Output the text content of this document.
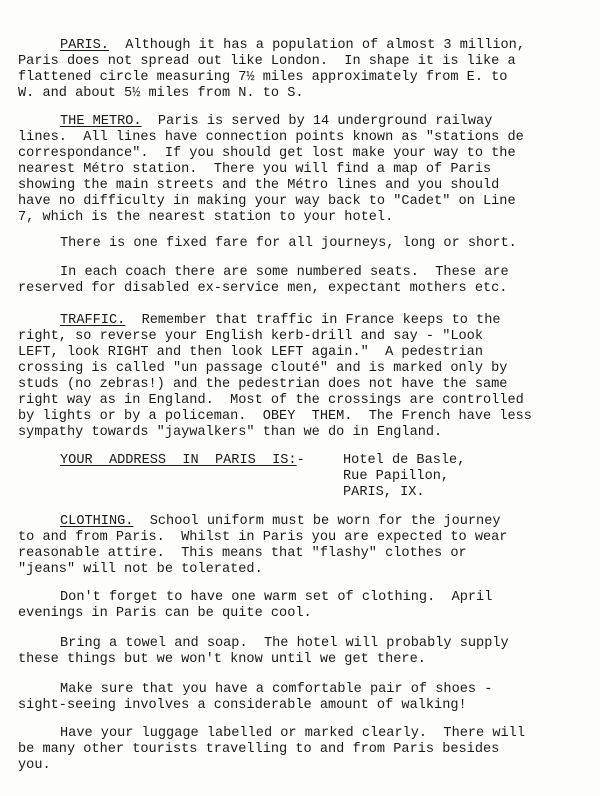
PARIS.  Although it has a population of almost 3 million,
Paris does not spread out like London.  In shape it is like a
flattened circle measuring 7½ miles approximately from E. to
W. and about 5½ miles from N. to S.
THE METRO.  Paris is served by 14 underground railway
lines.  All lines have connection points known as "stations de
correspondance".  If you should get lost make your way to the
nearest Métro station.  There you will find a map of Paris
showing the main streets and the Métro lines and you should
have no difficulty in making your way back to "Cadet" on Line
7, which is the nearest station to your hotel.
There is one fixed fare for all journeys, long or short.
In each coach there are some numbered seats.  These are
reserved for disabled ex-service men, expectant mothers etc.
TRAFFIC.  Remember that traffic in France keeps to the
right, so reverse your English kerb-drill and say - "Look
LEFT, look RIGHT and then look LEFT again."  A pedestrian
crossing is called "un passage clouté" and is marked only by
studs (no zebras!) and the pedestrian does not have the same
right way as in England.  Most of the crossings are controlled
by lights or by a policeman.  OBEY  THEM.  The French have less
sympathy towards "jaywalkers" than we do in England.
YOUR  ADDRESS  IN  PARIS  IS:- Hotel de Basle,
Rue Papillon,
PARIS, IX.
CLOTHING.  School uniform must be worn for the journey
to and from Paris.  Whilst in Paris you are expected to wear
reasonable attire.  This means that "flashy" clothes or
"jeans" will not be tolerated.
Don't forget to have one warm set of clothing.  April
evenings in Paris can be quite cool.
Bring a towel and soap.  The hotel will probably supply
these things but we won't know until we get there.
Make sure that you have a comfortable pair of shoes -
sight-seeing involves a considerable amount of walking!
Have your luggage labelled or marked clearly.  There will
be many other tourists travelling to and from Paris besides
you.
